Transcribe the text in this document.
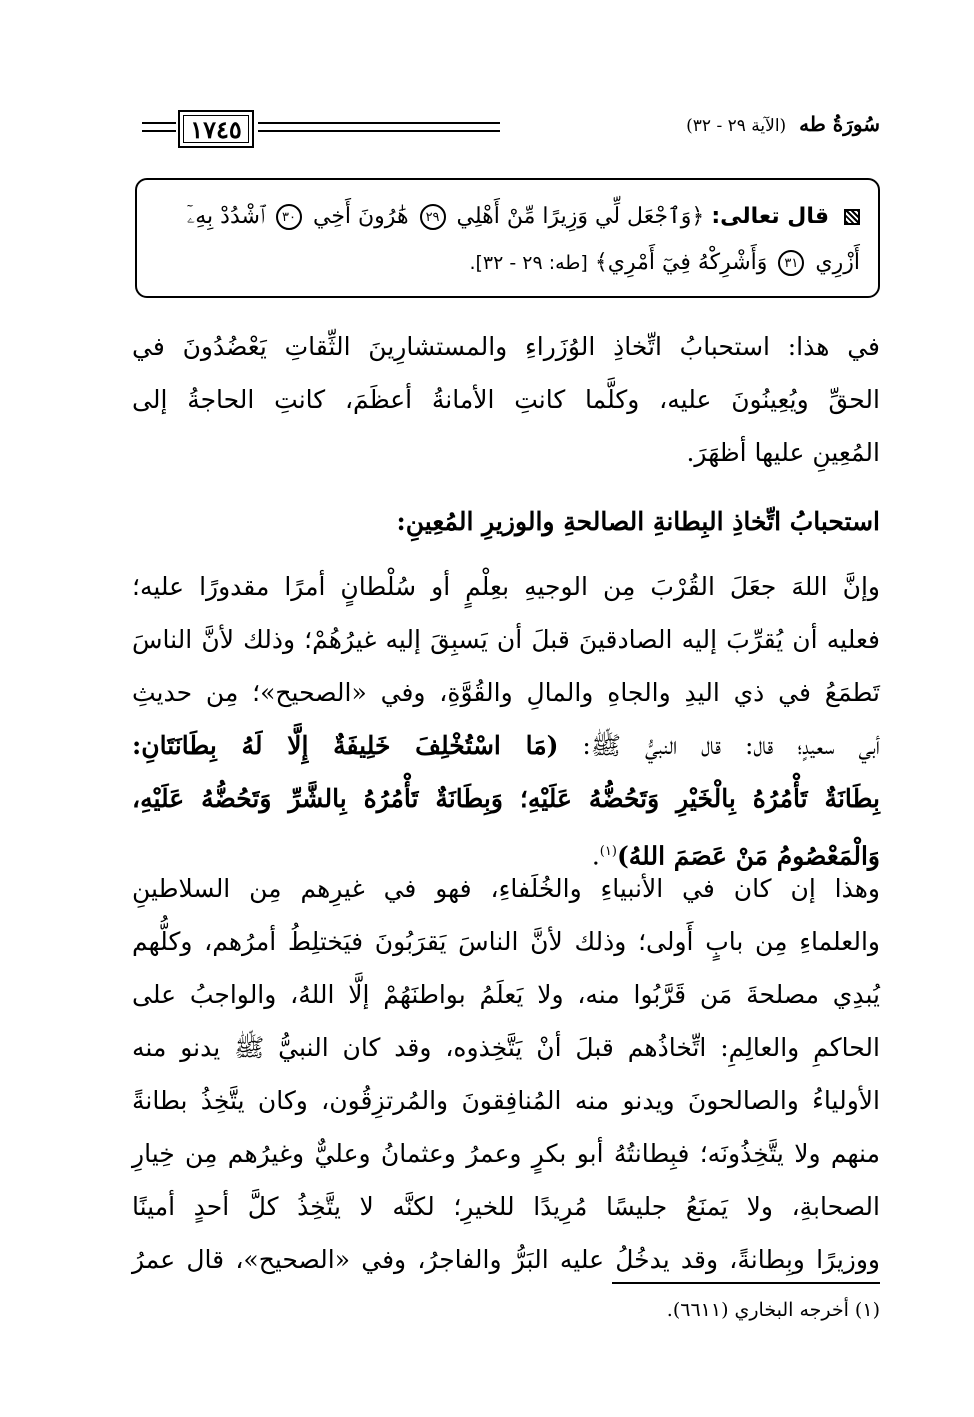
سُورَةُ طه (الآية ٢٩ - ٣٢)
١٧٤٥
قال تعالى: ﴿وَٱجْعَل لِّي وَزِيرًا مِّنْ أَهْلِي ٢٩ هَٰرُونَ أَخِي ٣٠ ٱشْدُدْ بِهِۦٓ
أَزْرِي ٣١ وَأَشْرِكْهُ فِيٓ أَمْرِي﴾ [طه: ٢٩ - ٣٢].

في هذا: استحبابُ اتِّخاذِ الوُزَراءِ والمستشارِينَ الثِّقاتِ يَعْضُدُونَ في
الحقِّ ويُعِينُونَ عليه، وكلَّما كانتِ الأمانةُ أعظَمَ، كانتِ الحاجةُ إلى
المُعِينِ عليها أظهَرَ.

استحبابُ اتِّخاذِ البِطانةِ الصالحةِ والوزيرِ المُعِينِ:

وإنَّ اللهَ جعَلَ القُرْبَ مِن الوجيهِ بعِلْمٍ أو سُلْطانٍ أمرًا مقدورًا عليه؛
فعليه أن يُقرِّبَ إليه الصادقينَ قبلَ أن يَسبِقَ إليه غيرُهُمْ؛ وذلك لأنَّ الناسَ
تَطمَعُ في ذي اليدِ والجاهِ والمالِ والقُوَّةِ، وفي «الصحيح»؛ مِن حديثِ
أبي سعيدٍ؛ قال: قال النبيُّ ﷺ: (مَا اسْتُخْلِفَ خَلِيفَةٌ إِلَّا لَهُ بِطَانَتَانِ:
بِطَانَةٌ تَأْمُرُهُ بِالْخَيْرِ وَتَحُضُّهُ عَلَيْهِ؛ وَبِطَانَةٌ تَأْمُرُهُ بِالشَّرِّ وَتَحُضُّهُ عَلَيْهِ،
وَالْمَعْصُومُ مَنْ عَصَمَ اللهُ)$^{(١)}$.

وهذا إن كان في الأنبياءِ والخُلَفاءِ، فهو في غيرِهم مِن السلاطينِ
والعلماءِ مِن بابٍ أَولى؛ وذلك لأنَّ الناسَ يَقرَبُونَ فيَختلِطُ أمرُهم، وكلُّهم
يُبدِي مصلحةَ مَن قَرَّبُوا منه، ولا يَعلَمُ بواطنَهُمْ إلَّا اللهُ، والواجبُ على
الحاكمِ والعالِمِ: اتِّخاذُهم قبلَ أنْ يَتَّخِذوه، وقد كان النبيُّ ﷺ يدنو منه
الأولياءُ والصالحونَ ويدنو منه المُنافِقونَ والمُرتزِقُون، وكان يتَّخِذُ بطانةً
منهم ولا يتَّخِذُونَه؛ فبِطانتُهُ أبو بكرٍ وعمرُ وعثمانُ وعليٌّ وغيرُهم مِن خِيارِ
الصحابةِ، ولا يَمنَعُ جليسًا مُرِيدًا للخيرِ؛ لكنَّه لا يتَّخِذُ كلَّ أحدٍ أمينًا
ووزيرًا وبِطانةً، وقد يدخُلُ عليه البَرُّ والفاجرُ، وفي «الصحيح»، قال عمرُ

(١) أخرجه البخاري (٦٦١١).
